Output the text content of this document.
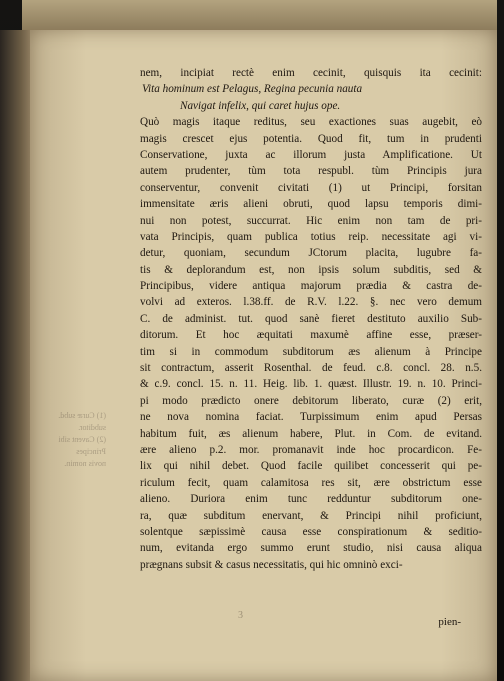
(1) Curæ subd.
subditor.
(2) Cavent sibi
Principes
novis nomin.
nem, incipiat rectè enim cecinit, quisquis ita cecinit:
Vita hominum est Pelagus, Regina pecunia nauta
Navigat infelix, qui caret hujus ope.
Quò magis itaque reditus, seu exactiones suas augebit, eò
magis crescet ejus potentia. Quod fit, tum in prudenti
Conservatione, juxta ac illorum justa Amplificatione. Ut
autem prudenter, tùm tota respubl. tùm Principis jura
conserventur, convenit civitati (1) ut Principi, forsitan
immensitate æris alieni obruti, quod lapsu temporis dimi-
nui non potest, succurrat. Hic enim non tam de pri-
vata Principis, quam publica totius reip. necessitate agi vi-
detur, quoniam, secundum JCtorum placita, lugubre fa-
tis & deplorandum est, non ipsis solum subditis, sed &
Principibus, videre antiqua majorum prædia & castra de-
volvi ad exteros. l.38.ff. de R.V. l.22. §. nec vero demum
C. de administ. tut. quod sanè fieret destituto auxilio Sub-
ditorum. Et hoc æquitati maxumè affine esse, præser-
tim si in commodum subditorum æs alienum à Principe
sit contractum, asserit Rosenthal. de feud. c.8. concl. 28. n.5.
& c.9. concl. 15. n. 11. Heig. lib. 1. quæst. Illustr. 19. n. 10. Princi-
pi modo prædicto onere debitorum liberato, curæ (2) erit,
ne nova nomina faciat. Turpissimum enim apud Persas
habitum fuit, æs alienum habere, Plut. in Com. de evitand.
ære alieno p.2. mor. promanavit inde hoc procardicon. Fe-
lix qui nihil debet. Quod facile quilibet concesserit qui pe-
riculum fecit, quam calamitosa res sit, ære obstrictum esse
alieno. Duriora enim tunc redduntur subditorum one-
ra, quæ subditum enervant, & Principi nihil proficiunt,
solentque sæpissimè causa esse conspirationum & seditio-
num, evitanda ergo summo erunt studio, nisi causa aliqua
prægnans subsit & casus necessitatis, qui hic omninò exci-
3
pien-
